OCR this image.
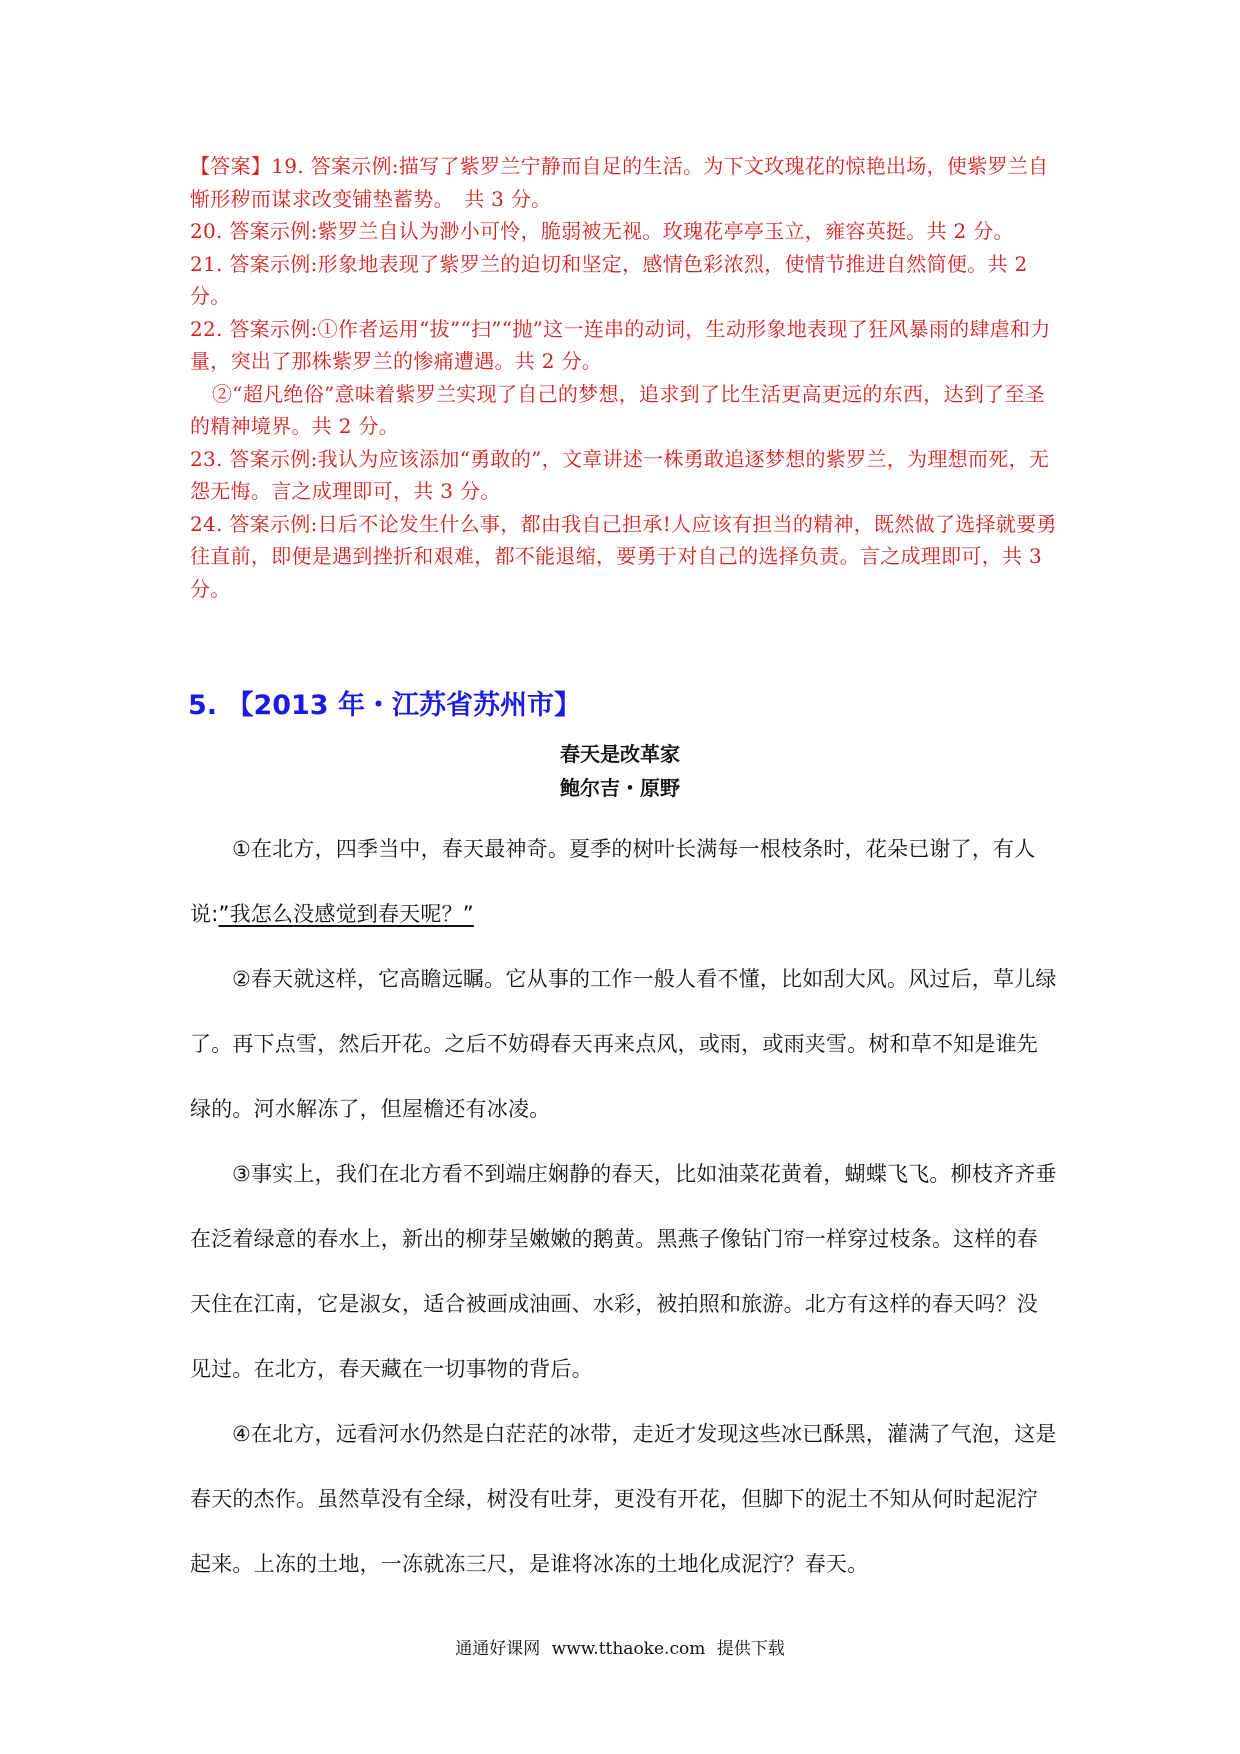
【答案】19. 答案示例:描写了紫罗兰宁静而自足的生活。为下文玫瑰花的惊艳出场，使紫罗兰自惭形秽而谋求改变铺垫蓄势。　共 3 分。

20. 答案示例:紫罗兰自认为渺小可怜，脆弱被无视。玫瑰花亭亭玉立，雍容英挺。共 2 分。

21. 答案示例:形象地表现了紫罗兰的迫切和坚定，感情色彩浓烈，使情节推进自然简便。共 2 分。

22. 答案示例:①作者运用“拔”“扫”“抛”这一连串的动词，生动形象地表现了狂风暴雨的肆虐和力量，突出了那株紫罗兰的惨痛遭遇。共 2 分。

②“超凡绝俗”意味着紫罗兰实现了自己的梦想，追求到了比生活更高更远的东西，达到了至圣的精神境界。共 2 分。

23. 答案示例:我认为应该添加“勇敢的”，文章讲述一株勇敢追逐梦想的紫罗兰，为理想而死，无怨无悔。言之成理即可，共 3 分。

24. 答案示例:日后不论发生什么事，都由我自己担承!人应该有担当的精神，既然做了选择就要勇往直前，即便是遇到挫折和艰难，都不能退缩，要勇于对自己的选择负责。言之成理即可，共 3 分。

5. 【2013 年・江苏省苏州市】
春天是改革家
鲍尔吉・原野

①在北方，四季当中，春天最神奇。夏季的树叶长满每一根枝条时，花朵已谢了，有人说:”我怎么没感觉到春天呢？”

②春天就这样，它高瞻远瞩。它从事的工作一般人看不懂，比如刮大风。风过后，草儿绿了。再下点雪，然后开花。之后不妨碍春天再来点风，或雨，或雨夹雪。树和草不知是谁先绿的。河水解冻了，但屋檐还有冰凌。

③事实上，我们在北方看不到端庄娴静的春天，比如油菜花黄着，蝴蝶飞飞。柳枝齐齐垂在泛着绿意的春水上，新出的柳芽呈嫩嫩的鹅黄。黑燕子像钻门帘一样穿过枝条。这样的春天住在江南，它是淑女，适合被画成油画、水彩，被拍照和旅游。北方有这样的春天吗？没见过。在北方，春天藏在一切事物的背后。

④在北方，远看河水仍然是白茫茫的冰带，走近才发现这些冰已酥黑，灌满了气泡，这是春天的杰作。虽然草没有全绿，树没有吐芽，更没有开花，但脚下的泥土不知从何时起泥泞起来。上冻的土地，一冻就冻三尺，是谁将冰冻的土地化成泥泞？春天。

通通好课网 www.tthaoke.com 提供下载
